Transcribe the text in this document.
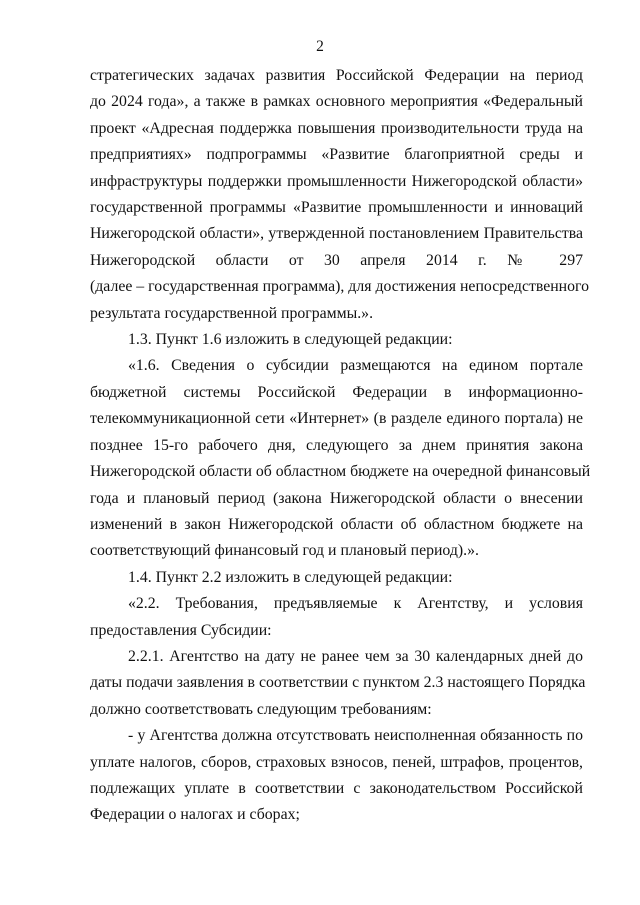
2
стратегических задачах развития Российской Федерации на период
до 2024 года», а также в рамках основного мероприятия «Федеральный
проект «Адресная поддержка повышения производительности труда на
предприятиях» подпрограммы «Развитие благоприятной среды и
инфраструктуры поддержки промышленности Нижегородской области»
государственной программы «Развитие промышленности и инноваций
Нижегородской области», утвержденной постановлением Правительства
Нижегородской области от 30 апреля 2014 г. № 297
(далее – государственная программа), для достижения непосредственного
результата государственной программы.».
1.3. Пункт 1.6 изложить в следующей редакции:
«1.6. Сведения о субсидии размещаются на едином портале
бюджетной системы Российской Федерации в информационно-
телекоммуникационной сети «Интернет» (в разделе единого портала) не
позднее 15-го рабочего дня, следующего за днем принятия закона
Нижегородской области об областном бюджете на очередной финансовый
года и плановый период (закона Нижегородской области о внесении
изменений в закон Нижегородской области об областном бюджете на
соответствующий финансовый год и плановый период).».
1.4. Пункт 2.2 изложить в следующей редакции:
«2.2. Требования, предъявляемые к Агентству, и условия
предоставления Субсидии:
2.2.1. Агентство на дату не ранее чем за 30 календарных дней до
даты подачи заявления в соответствии с пунктом 2.3 настоящего Порядка
должно соответствовать следующим требованиям:
- у Агентства должна отсутствовать неисполненная обязанность по
уплате налогов, сборов, страховых взносов, пеней, штрафов, процентов,
подлежащих уплате в соответствии с законодательством Российской
Федерации о налогах и сборах;
